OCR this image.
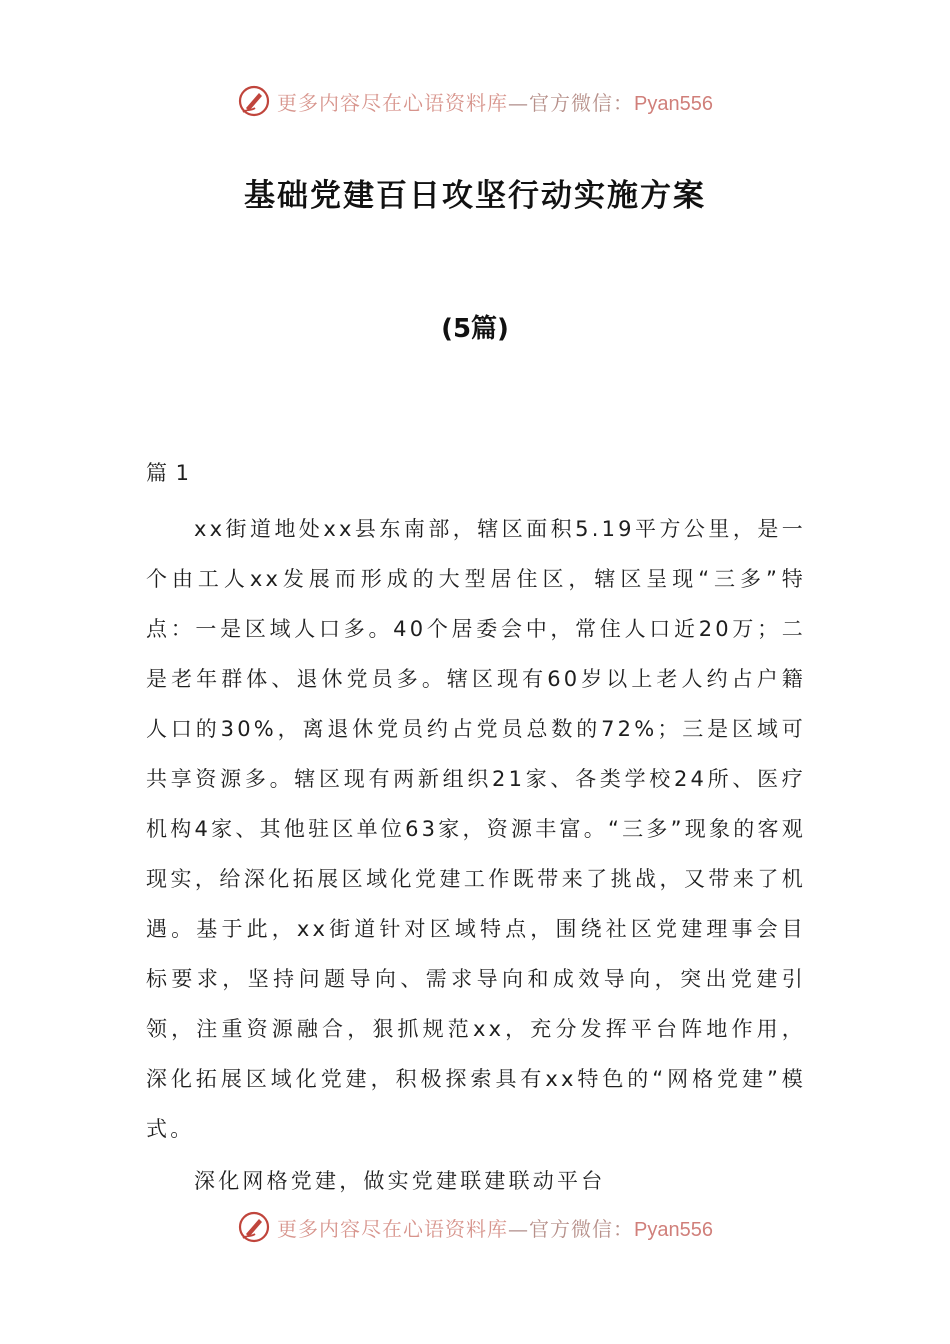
更多内容尽在心语资料库—官方微信：Pyan556
基础党建百日攻坚行动实施方案
(5篇)

篇 1

xx街道地处xx县东南部，辖区面积5.19平方公里，是一个由工人xx发展而形成的大型居住区，辖区呈现“三多”特点：一是区域人口多。40个居委会中，常住人口近20万；二是老年群体、退休党员多。辖区现有60岁以上老人约占户籍人口的30%，离退休党员约占党员总数的72%；三是区域可共享资源多。辖区现有两新组织21家、各类学校24所、医疗机构4家、其他驻区单位63家，资源丰富。“三多”现象的客观现实，给深化拓展区域化党建工作既带来了挑战，又带来了机遇。基于此，xx街道针对区域特点，围绕社区党建理事会目标要求，坚持问题导向、需求导向和成效导向，突出党建引领，注重资源融合，狠抓规范xx，充分发挥平台阵地作用，深化拓展区域化党建，积极探索具有xx特色的“网格党建”模式。

深化网格党建，做实党建联建联动平台

更多内容尽在心语资料库—官方微信：Pyan556
